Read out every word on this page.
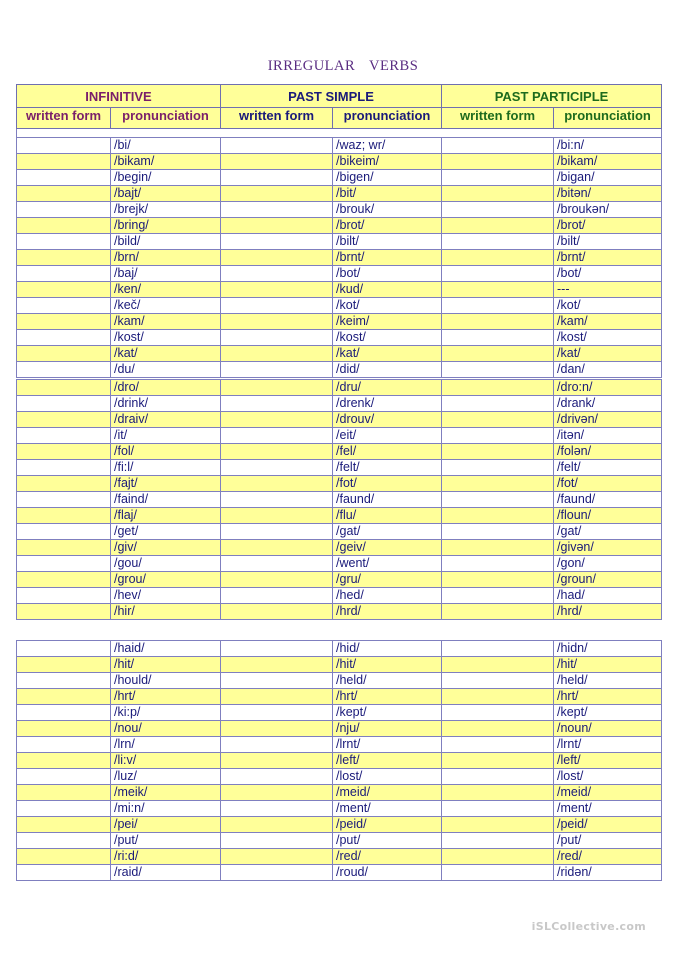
IRREGULAR VERBS
INFINITIVE		PAST SIMPLE		PAST PARTICIPLE	
written form	pronunciation	written form	pronunciation	written form	pronunciation

	/bi/		/waz; wr/		/bi:n/
	/bikam/		/bikeim/		/bikam/
	/begin/		/bigen/		/bigan/
	/bajt/		/bit/		/bitən/
	/brejk/		/brouk/		/broukən/
	/bring/		/brot/		/brot/
	/bild/		/bilt/		/bilt/
	/brn/		/brnt/		/brnt/
	/baj/		/bot/		/bot/
	/ken/		/kud/		---
	/keč/		/kot/		/kot/
	/kam/		/keim/		/kam/
	/kost/		/kost/		/kost/
	/kat/		/kat/		/kat/
	/du/		/did/		/dan/
	/dro/		/dru/		/dro:n/
	/drink/		/drenk/		/drank/
	/draiv/		/drouv/		/drivən/
	/it/		/eit/		/itən/
	/fol/		/fel/		/folən/
	/fi:l/		/felt/		/felt/
	/fajt/		/fot/		/fot/
	/faind/		/faund/		/faund/
	/flaj/		/flu/		/floun/
	/get/		/gat/		/gat/
	/giv/		/geiv/		/givən/
	/gou/		/went/		/gon/
	/grou/		/gru/		/groun/
	/hev/		/hed/		/had/
	/hir/		/hrd/		/hrd/
	/haid/		/hid/		/hidn/
	/hit/		/hit/		/hit/
	/hould/		/held/		/held/
	/hrt/		/hrt/		/hrt/
	/ki:p/		/kept/		/kept/
	/nou/		/nju/		/noun/
	/lrn/		/lrnt/		/lrnt/
	/li:v/		/left/		/left/
	/luz/		/lost/		/lost/
	/meik/		/meid/		/meid/
	/mi:n/		/ment/		/ment/
	/pei/		/peid/		/peid/
	/put/		/put/		/put/
	/ri:d/		/red/		/red/
	/raid/		/roud/		/ridən/
iSLCollective.com
